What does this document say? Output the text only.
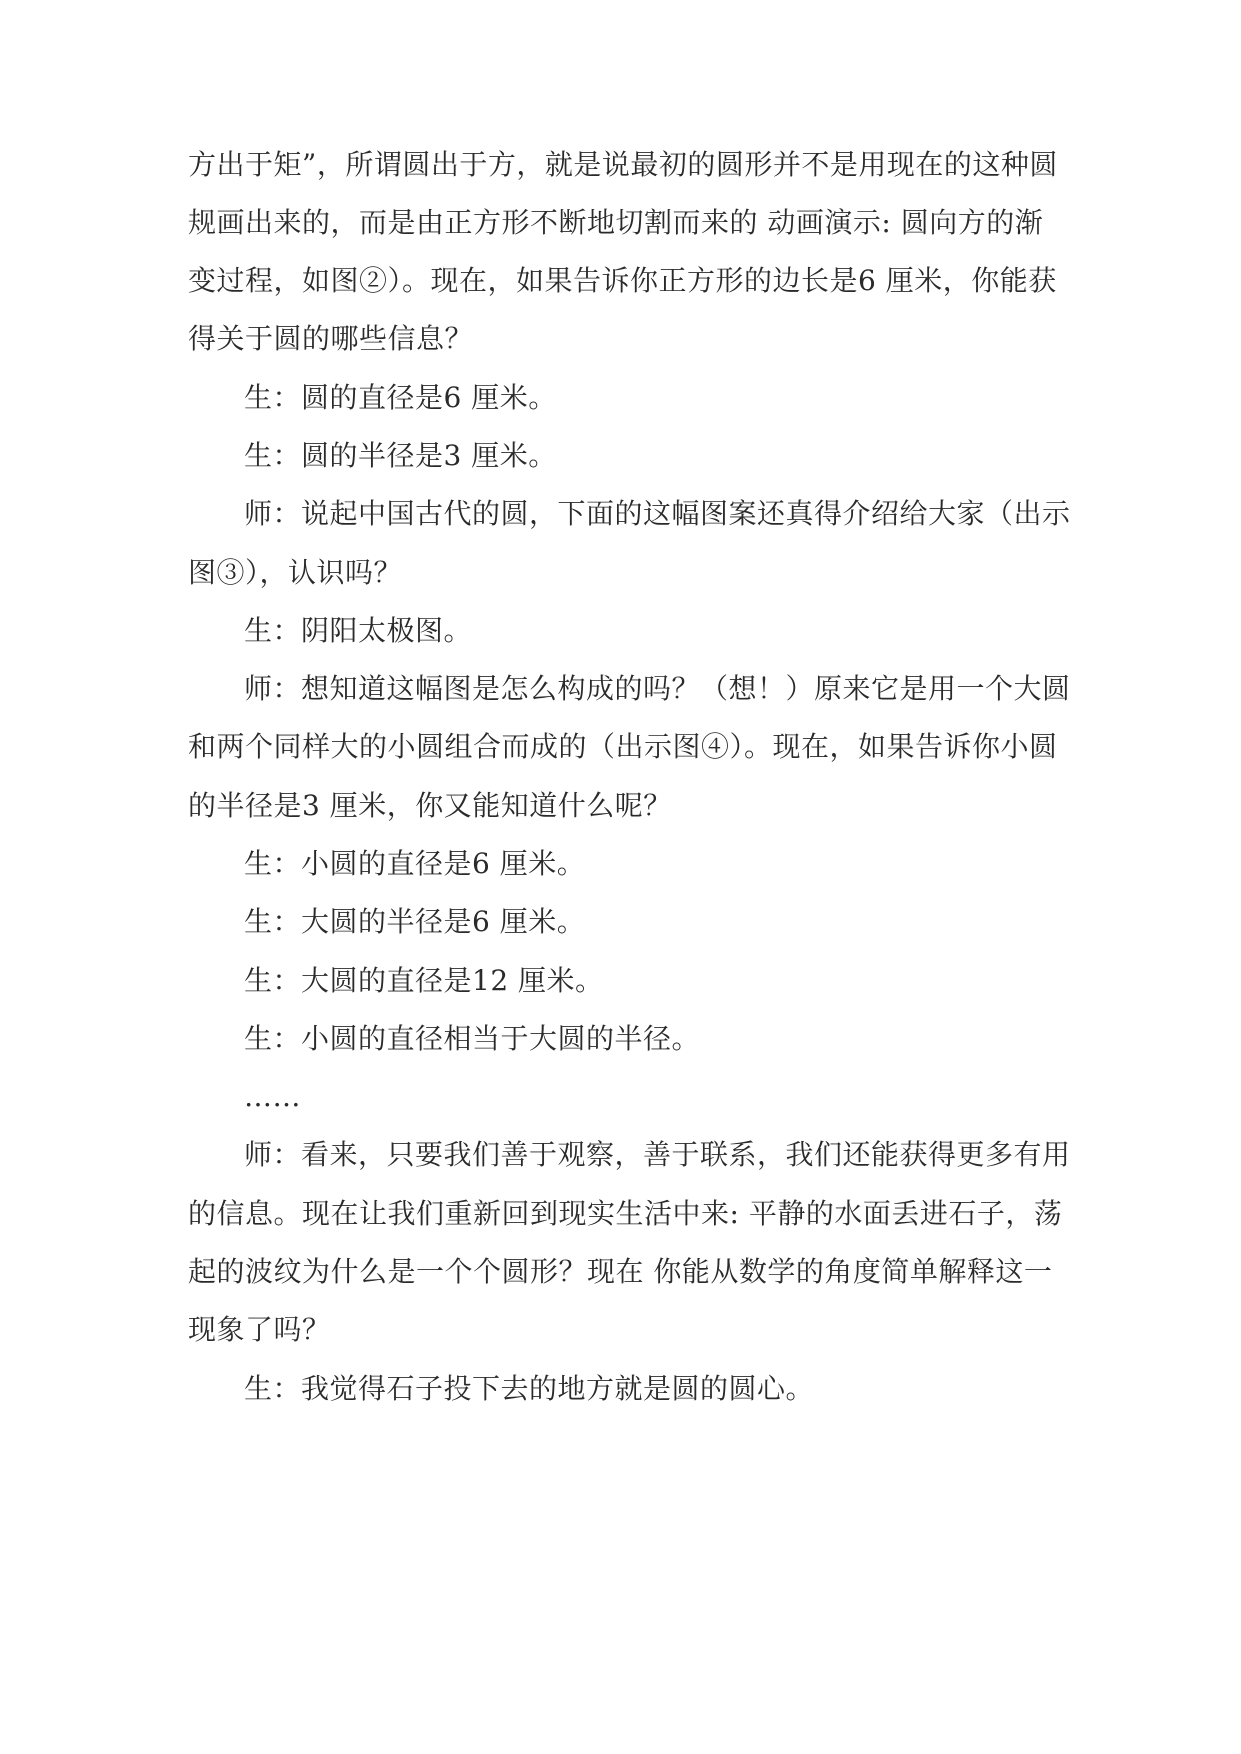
方出于矩”，所谓圆出于方，就是说最初的圆形并不是用现在的这种圆

规画出来的，而是由正方形不断地切割而来的 动画演示: 圆向方的渐

变过程，如图②）。现在，如果告诉你正方形的边长是6 厘米，你能获

得关于圆的哪些信息？

生：圆的直径是6 厘米。

生：圆的半径是3 厘米。

师：说起中国古代的圆，下面的这幅图案还真得介绍给大家（出示

图③），认识吗？

生：阴阳太极图。

师：想知道这幅图是怎么构成的吗？（想！）原来它是用一个大圆

和两个同样大的小圆组合而成的（出示图④）。现在，如果告诉你小圆

的半径是3 厘米，你又能知道什么呢？

生：小圆的直径是6 厘米。

生：大圆的半径是6 厘米。

生：大圆的直径是12 厘米。

生：小圆的直径相当于大圆的半径。

……

师：看来，只要我们善于观察，善于联系，我们还能获得更多有用

的信息。现在让我们重新回到现实生活中来: 平静的水面丢进石子，荡

起的波纹为什么是一个个圆形？现在 你能从数学的角度简单解释这一

现象了吗？

生：我觉得石子投下去的地方就是圆的圆心。
